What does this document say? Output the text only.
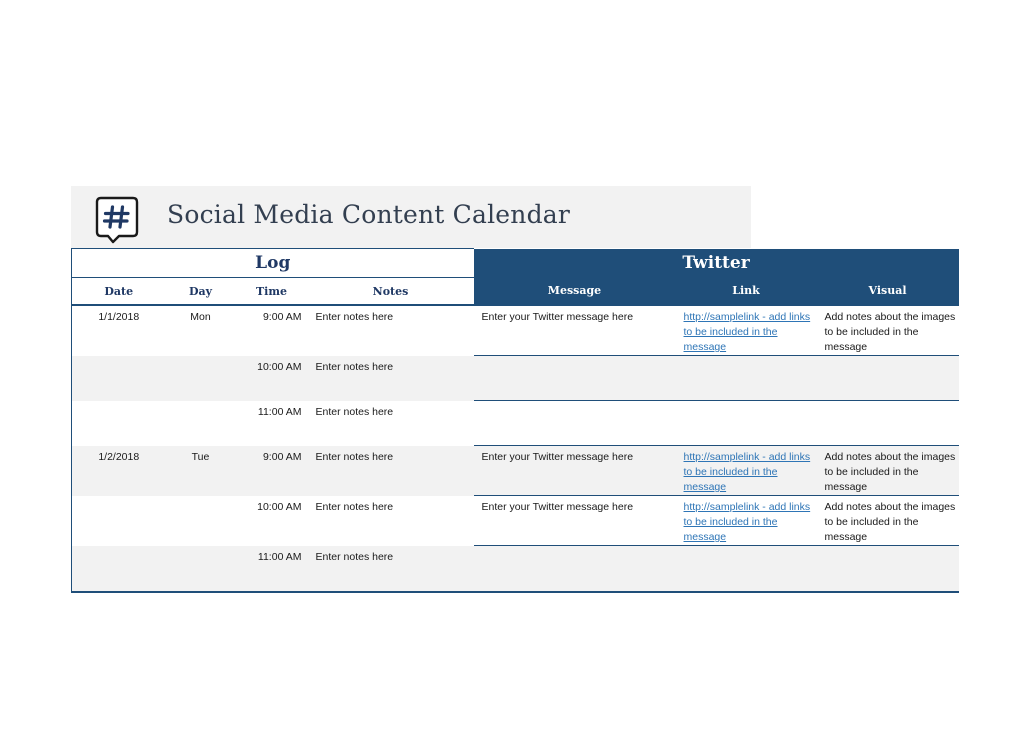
Social Media Content Calendar
Log				Twitter		
Date	Day	Time	Notes	Message	Link	Visual
1/1/2018	Mon	9:00 AM	Enter notes here	Enter your Twitter message here	http://samplelink - add links to be included in the message	Add notes about the images to be included in the message
		10:00 AM	Enter notes here			
		11:00 AM	Enter notes here			
1/2/2018	Tue	9:00 AM	Enter notes here	Enter your Twitter message here	http://samplelink - add links to be included in the message	Add notes about the images to be included in the message
		10:00 AM	Enter notes here	Enter your Twitter message here	http://samplelink - add links to be included in the message	Add notes about the images to be included in the message
		11:00 AM	Enter notes here			
